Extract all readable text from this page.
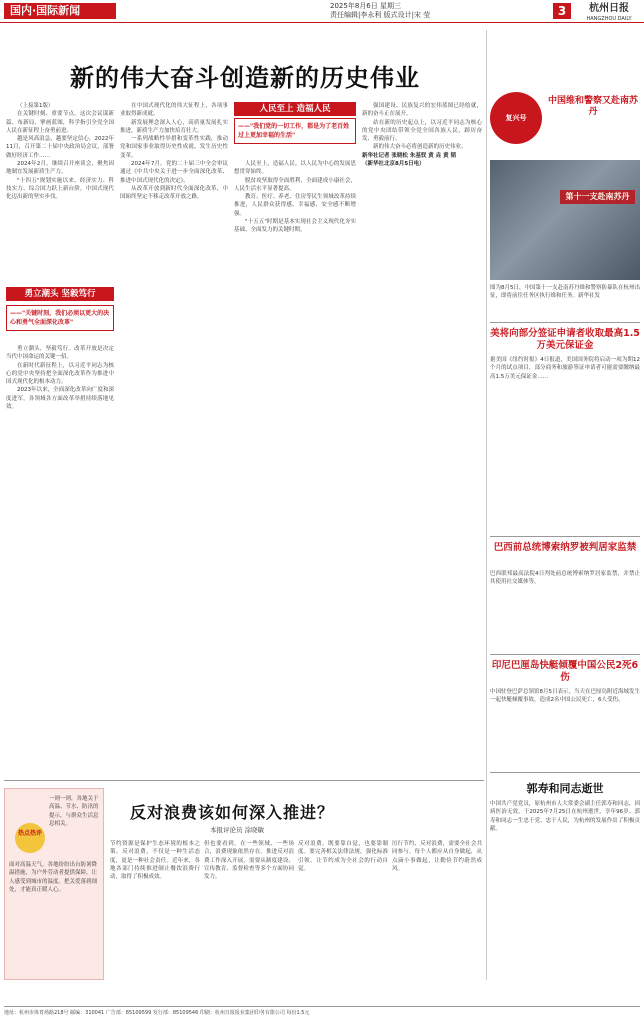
国内·国际新闻	2025年8月6日 星期三
责任编辑|李永利 版式设计|宋 莹	3	杭州日报
HANGZHOU DAILY
新的伟大奋斗创造新的历史伟业

（上接第1版）

在关键时刻、重要节点，这次会议谋新篇、布新局、擘画蓝图，科学指引全党全国人民在新征程上奋勇前进。

越是风高浪急，越要坚定信心。2022年11月，召开第二十届中央政治局会议，部署做好经济工作……

2024年2月，继续召开座谈会，聚焦因地制宜发展新质生产力。

"十四五"规划实施以来，经济实力、科技实力、综合国力跃上新台阶，中国式现代化迈出新的坚实步伐。

勇立潮头 坚毅笃行
——"关键时刻，我们必须以更大的决心和勇气全面深化改革"

勇立潮头，坚毅笃行。改革开放是决定当代中国命运的关键一招。

在新时代新征程上，以习近平同志为核心的党中央坚持把全面深化改革作为推进中国式现代化的根本动力。

2023年以来，全面深化改革向广度和深度进军，各领域各方面改革举措持续落地见效。

在中国式现代化的伟大征程上，各项事业取得新成就。

新发展理念深入人心，高质量发展扎实推进，新质生产力加快培育壮大。

一系列战略性举措和变革性实践，推动党和国家事业取得历史性成就、发生历史性变革。

2024年7月，党的二十届三中全会审议通过《中共中央关于进一步全面深化改革、推进中国式现代化的决定》。

从改革开放到新时代全面深化改革，中国始终坚定不移走改革开放之路。

人民至上 造福人民
——"我们党的一切工作，都是为了老百姓过上更加幸福的生活"

人民至上，造福人民。以人民为中心的发展思想贯穿始终。

脱贫攻坚取得全面胜利，全面建成小康社会，人民生活水平显著提高。

教育、医疗、养老、住房等民生领域改革持续推进，人民群众获得感、幸福感、安全感不断增强。

"十五五"时期是基本实现社会主义现代化夯实基础、全面发力的关键时期。

强国建设、民族复兴的宏伟蓝图已经绘就，新的奋斗正在展开。

站在新的历史起点上，以习近平同志为核心的党中央团结带领全党全国各族人民，踔厉奋发、勇毅前行。

新的伟大奋斗必将创造新的历史伟业。

新华社记者 张晓松 朱基钗 黄 垚 黄 韬

（新华社北京8月5日电）

复兴号
中国维和警察又赴南苏丹
第十一支赴南苏丹
图为8月5日，中国第十一支赴南苏丹维和警察防暴队在杭州出征，即将前往任务区执行维和任务。新华社发
美将向部分签证申请者收取最高1.5万美元保证金
据美国《纽约时报》4日报道，美国国务院将启动一项为期12个月的试点项目，部分商务和旅游签证申请者可能需要缴纳最高1.5万美元保证金……
巴西前总统博索纳罗被判居家监禁
巴西联邦最高法院4日判处前总统博索纳罗居家监禁，并禁止其使用社交媒体等。
印尼巴厘岛快艇倾覆中国公民2死6伤
中国驻登巴萨总领馆8月5日表示，当天在巴厘岛附近海域发生一起快艇倾覆事故，造成2名中国公民死亡，6人受伤。
郭寿和同志逝世
中国共产党党员，原杭州市人大常委会副主任郭寿和同志，因病医治无效，于2025年7月25日在杭州逝世，享年96岁。郭寿和同志一生忠于党、忠于人民，为杭州的发展作出了积极贡献。
热点热评
一则一则，各地关于高温、节水、防汛的提示，与群众生活息息相关。
面对高温天气，各地纷纷出台防暑降温措施，为户外劳动者提供保障，让人感受到城市的温度。把关爱落到细处，才能真正暖人心。
反对浪费该如何深入推进？
本报评论员 涂晓敏
节约资源是保护生态环境的根本之策。反对浪费，不仅是一种生活态度，更是一种社会责任。近年来，各地各部门持续推进制止餐饮浪费行动，取得了积极成效。
但也要看到，在一些领域、一些场合，浪费现象依然存在。推进反对浪费工作深入开展，需要从制度建设、宣传教育、监督检查等多个方面协同发力。
反对浪费，既要靠自觉，也要靠制度。要完善相关法律法规，强化标准引领，让节约成为全社会的行动自觉。
厉行节约、反对浪费，需要全社会共同参与。每个人都应从自身做起，从点滴小事做起，让勤俭节约蔚然成风。
地址：杭州市体育场路218号 邮编：310041 广告部：85109599 发行部：85109546 印刷：杭州日报报业集团印务有限公司 每份1.5元
